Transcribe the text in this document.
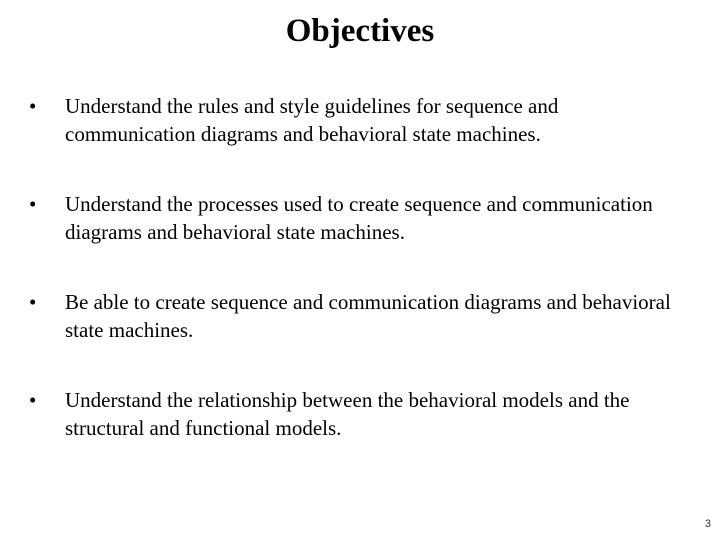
Objectives
•	Understand the rules and style guidelines for sequence and communication diagrams and behavioral state machines.
•	Understand the processes used to create sequence and communication diagrams and behavioral state machines.
•	Be able to create sequence and communication diagrams and behavioral state machines.
•	Understand the relationship between the behavioral models and the structural and functional models.
3
